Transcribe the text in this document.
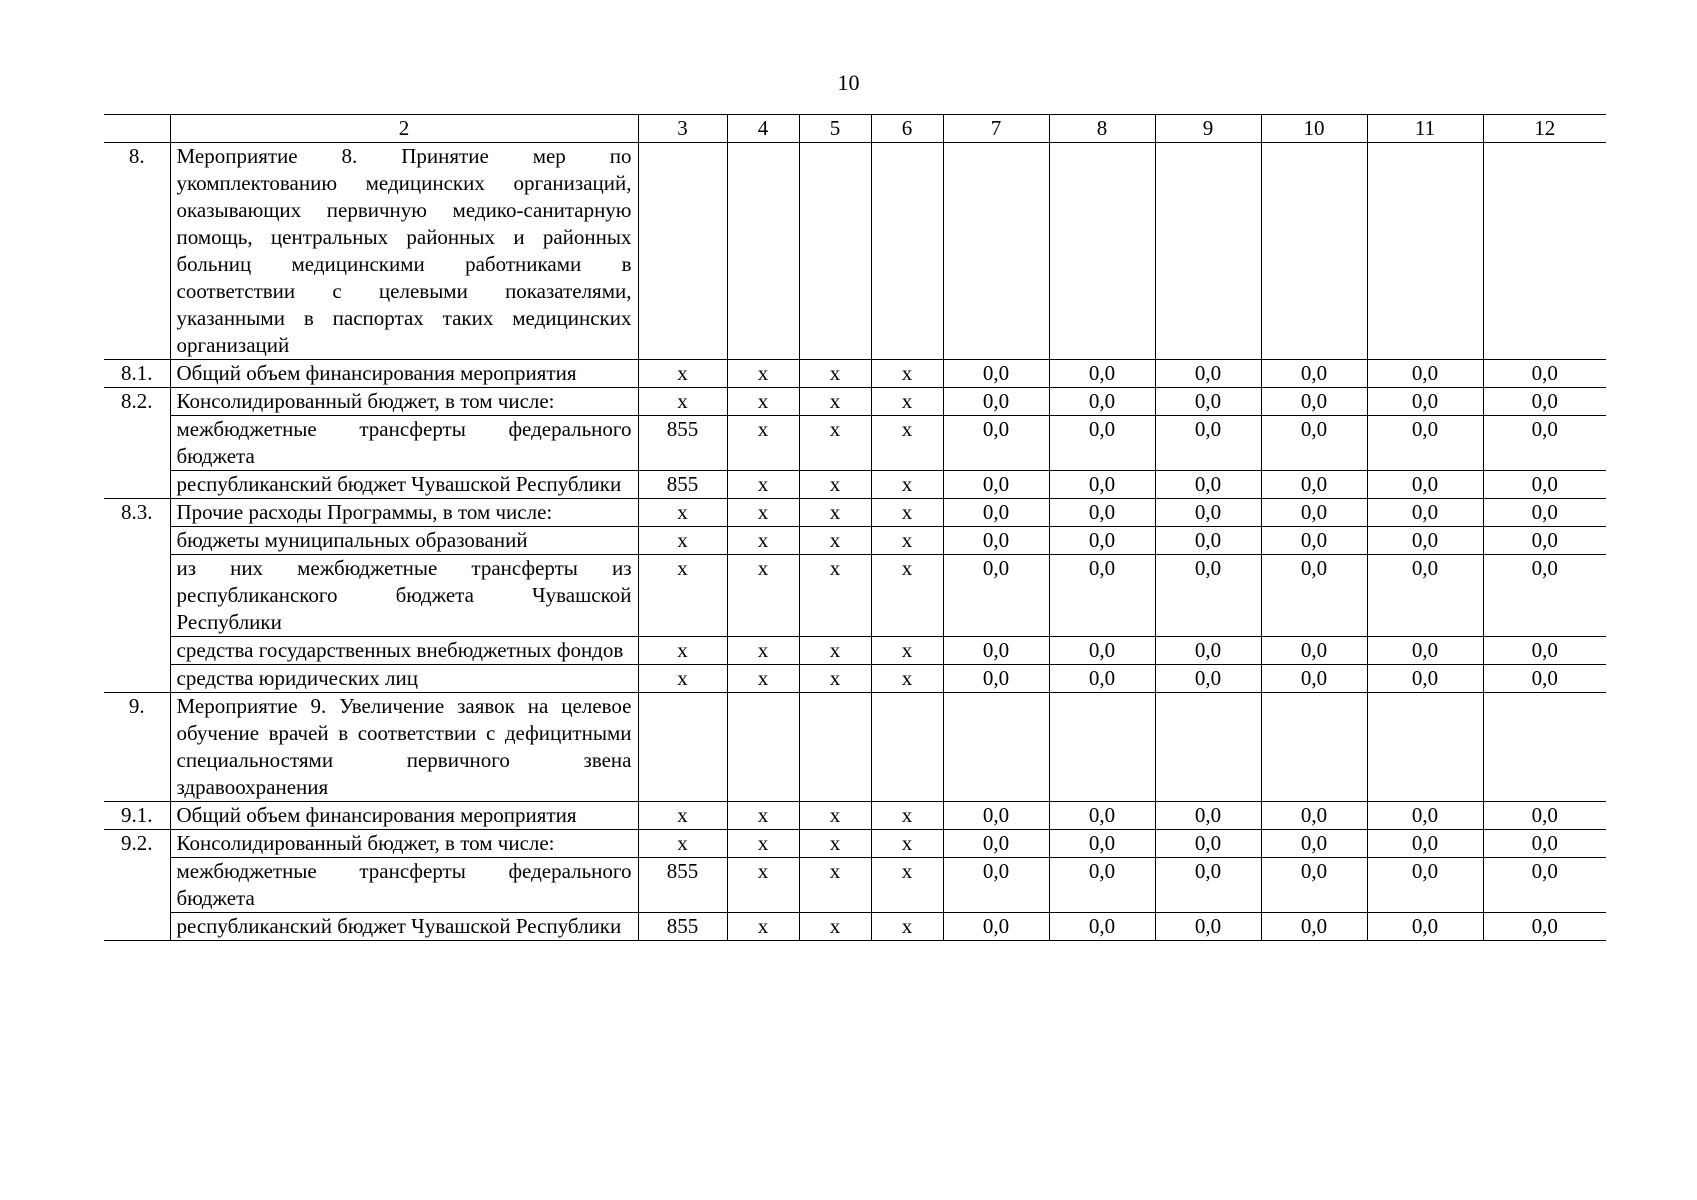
10
	2	3	4	5	6	7	8	9	10	11	12
8.	Мероприятие 8. Принятие мер по укомплектованию медицинских организаций, оказывающих первичную медико-санитарную помощь, центральных районных и районных больниц медицинскими работниками в соответствии с целевыми показателями, указанными в паспортах таких медицинских организаций										
8.1.	Общий объем финансирования мероприятия	х	х	х	х	0,0	0,0	0,0	0,0	0,0	0,0
8.2.	Консолидированный бюджет, в том числе:	х	х	х	х	0,0	0,0	0,0	0,0	0,0	0,0
	межбюджетные трансферты федерального бюджета	855	х	х	х	0,0	0,0	0,0	0,0	0,0	0,0
	республиканский бюджет Чувашской Республики	855	х	х	х	0,0	0,0	0,0	0,0	0,0	0,0
8.3.	Прочие расходы Программы, в том числе:	х	х	х	х	0,0	0,0	0,0	0,0	0,0	0,0
	бюджеты муниципальных образований	х	х	х	х	0,0	0,0	0,0	0,0	0,0	0,0
	из них межбюджетные трансферты из республиканского бюджета Чувашской Республики	х	х	х	х	0,0	0,0	0,0	0,0	0,0	0,0
	средства государственных внебюджетных фондов	х	х	х	х	0,0	0,0	0,0	0,0	0,0	0,0
	средства юридических лиц	х	х	х	х	0,0	0,0	0,0	0,0	0,0	0,0
9.	Мероприятие 9. Увеличение заявок на целевое обучение врачей в соответствии с дефицитными специальностями первичного звена здравоохранения										
9.1.	Общий объем финансирования мероприятия	х	х	х	х	0,0	0,0	0,0	0,0	0,0	0,0
9.2.	Консолидированный бюджет, в том числе:	х	х	х	х	0,0	0,0	0,0	0,0	0,0	0,0
	межбюджетные трансферты федерального бюджета	855	х	х	х	0,0	0,0	0,0	0,0	0,0	0,0
	республиканский бюджет Чувашской Республики	855	х	х	х	0,0	0,0	0,0	0,0	0,0	0,0
